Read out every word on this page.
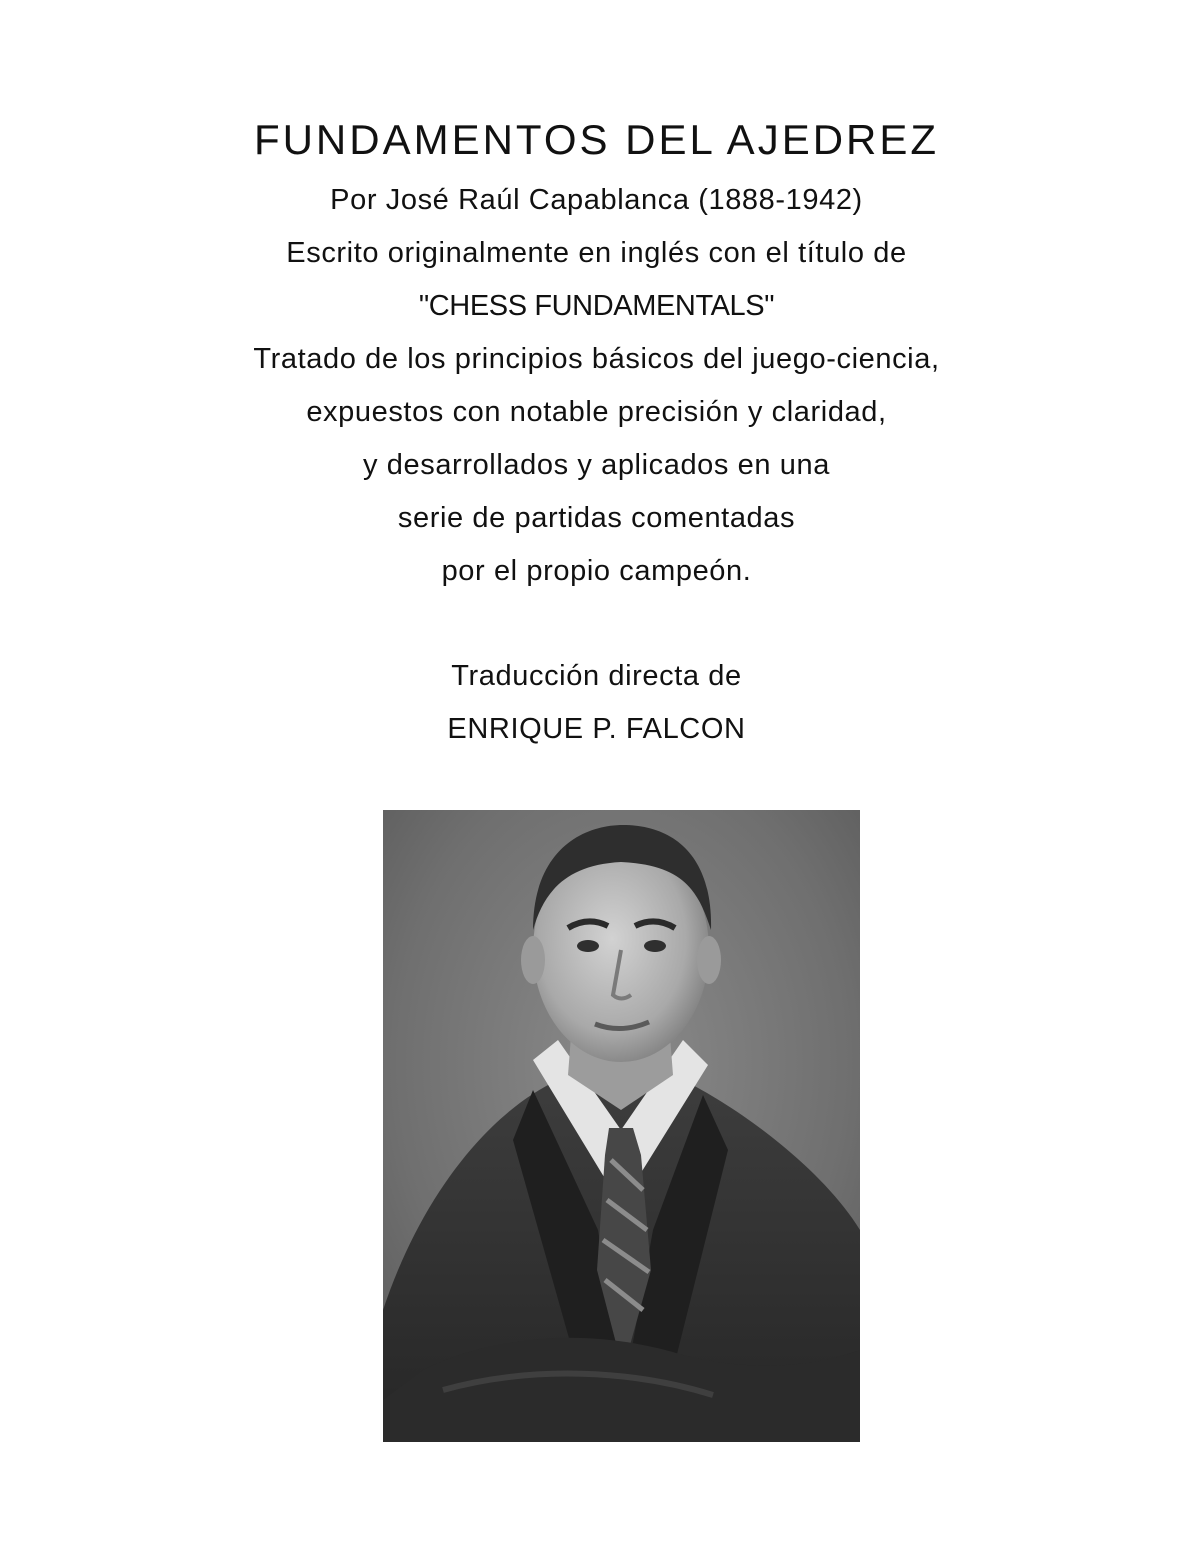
FUNDAMENTOS DEL AJEDREZ
Por José Raúl Capablanca (1888-1942)
Escrito originalmente en inglés con el título de
"CHESS FUNDAMENTALS"
Tratado de los principios básicos del juego-ciencia,
expuestos con notable precisión y claridad,
y desarrollados y aplicados en una
serie de partidas comentadas
por el propio campeón.
Traducción directa de
ENRIQUE P. FALCON
